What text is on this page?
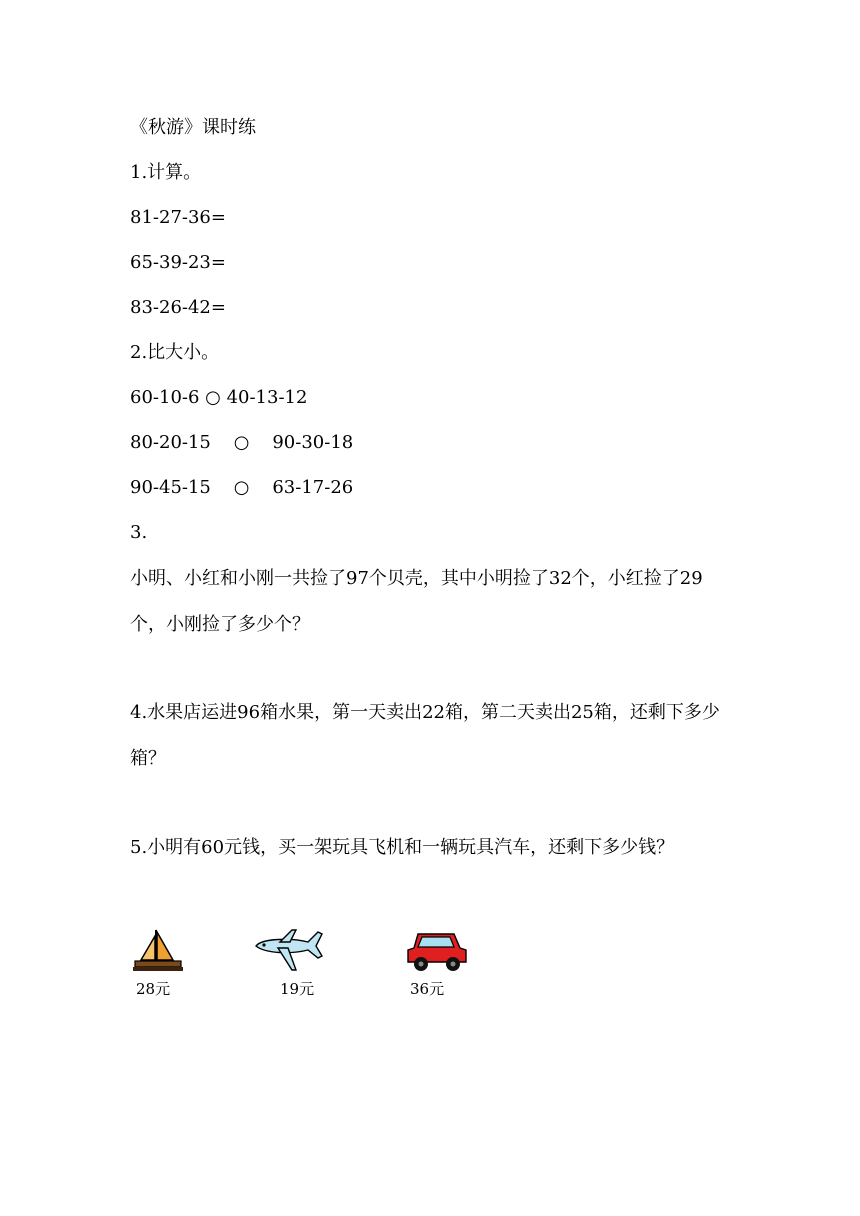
《秋游》课时练
1.计算。
81-27-36=
65-39-23=
83-26-42=
2.比大小。
60-10-6 ○ 40-13-12
80-20-15    ○    90-30-18
90-45-15    ○    63-17-26
3.
小明、小红和小刚一共捡了97个贝壳，其中小明捡了32个，小红捡了29个，小刚捡了多少个？
4.水果店运进96箱水果，第一天卖出22箱，第二天卖出25箱，还剩下多少箱？
5.小明有60元钱，买一架玩具飞机和一辆玩具汽车，还剩下多少钱？
28元	19元	36元
